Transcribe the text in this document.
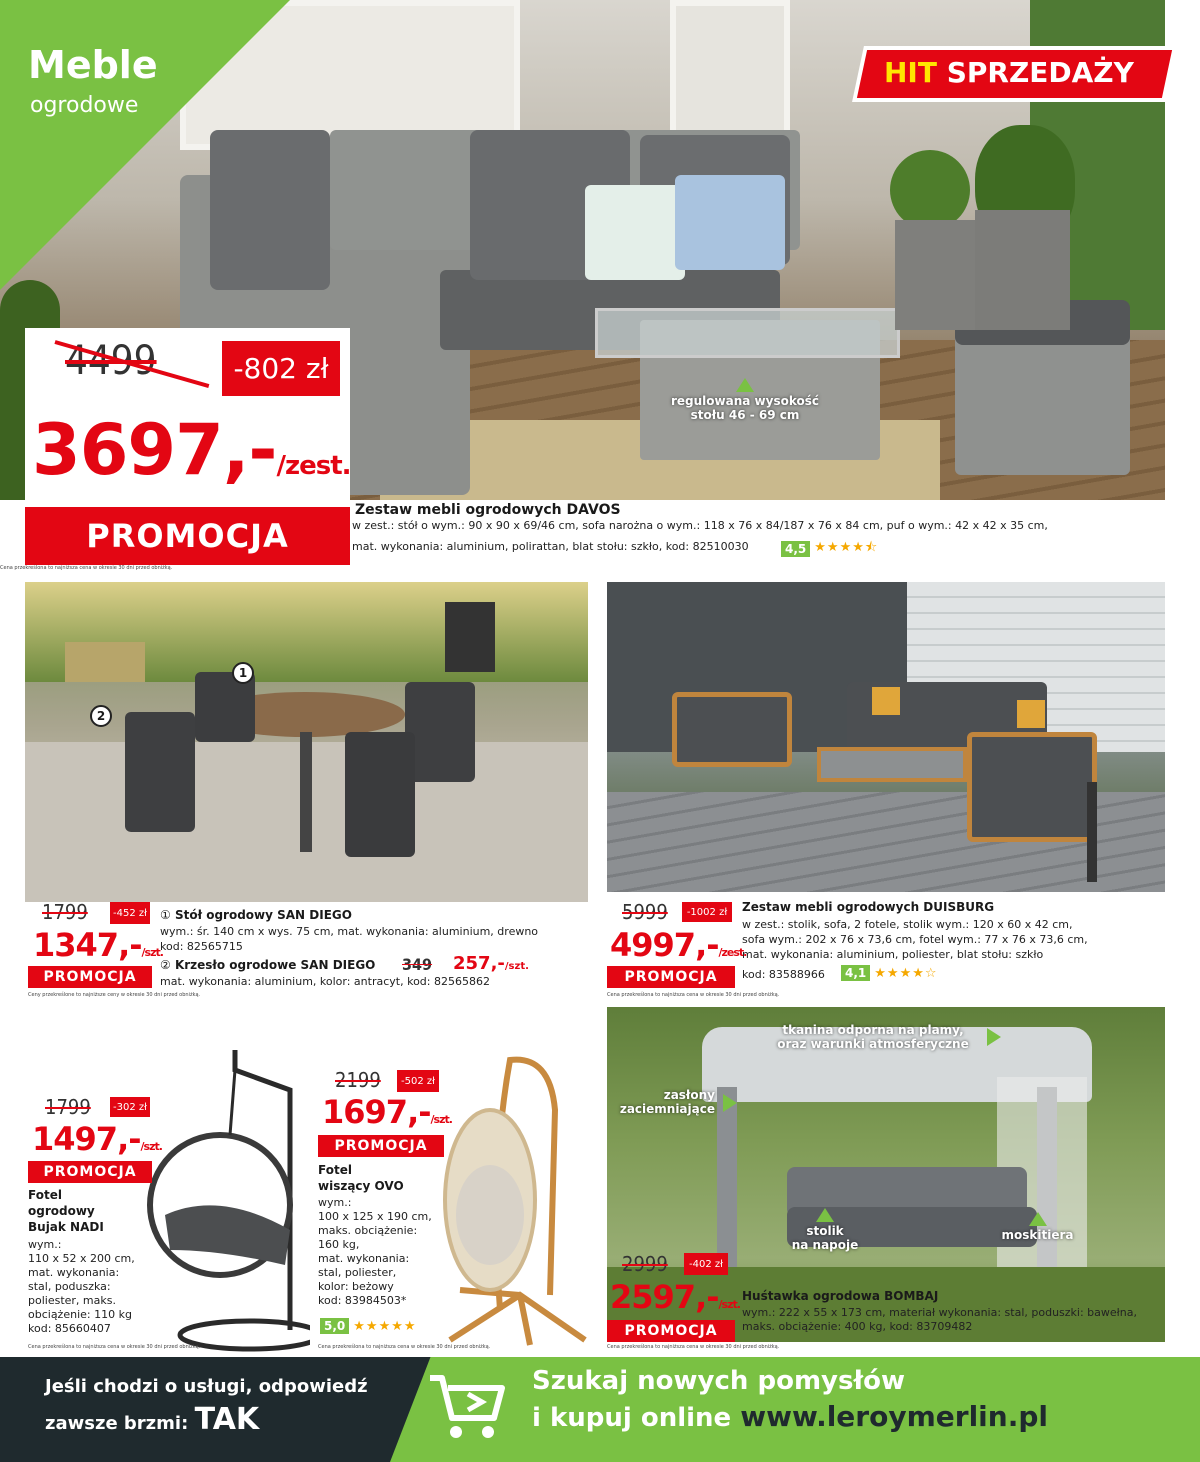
Meble
ogrodowe
HIT SPRZEDAŻY
4499	-802 zł
3697,-/zest.
PROMOCJA
Cena przekreślona to najniższa cena w okresie 30 dni przed obniżką.
regulowana wysokość stołu 46 - 69 cm
Zestaw mebli ogrodowych DAVOS
w zest.: stół o wym.: 90 x 90 x 69/46 cm, sofa narożna o wym.: 118 x 76 x 84/187 x 76 x 84 cm, puf o wym.: 42 x 42 x 35 cm,
mat. wykonania: aluminium, polirattan, blat stołu: szkło, kod: 82510030	4,5 ★★★★⯪
1
2
1799	-452 zł
1347,-/szt.
PROMOCJA
Ceny przekreślone to najniższe ceny w okresie 30 dni przed obniżką.
① Stół ogrodowy SAN DIEGO
wym.: śr. 140 cm x wys. 75 cm, mat. wykonania: aluminium, drewno
kod: 82565715
② Krzesło ogrodowe SAN DIEGO 349 257,-/szt.
mat. wykonania: aluminium, kolor: antracyt, kod: 82565862
5999	-1002 zł
4997,-/zest.
PROMOCJA
Cena przekreślona to najniższa cena w okresie 30 dni przed obniżką.
Zestaw mebli ogrodowych DUISBURG
w zest.: stolik, sofa, 2 fotele, stolik wym.: 120 x 60 x 42 cm,
sofa wym.: 202 x 76 x 73,6 cm, fotel wym.: 77 x 76 x 73,6 cm,
mat. wykonania: aluminium, poliester, blat stołu: szkło
kod: 83588966	4,1 ★★★★☆
1799	-302 zł
1497,-/szt.
PROMOCJA
Fotel
ogrodowy
Bujak NADI
wym.:
110 x 52 x 200 cm,
mat. wykonania:
stal, poduszka:
poliester, maks.
obciążenie: 110 kg
kod: 85660407
Cena przekreślona to najniższa cena w okresie 30 dni przed obniżką.
2199	-502 zł
1697,-/szt.
PROMOCJA
Fotel
wiszący OVO
wym.:
100 x 125 x 190 cm,
maks. obciążenie:
160 kg,
mat. wykonania:
stal, poliester,
kolor: beżowy
kod: 83984503*
5,0 ★★★★★
Cena przekreślona to najniższa cena w okresie 30 dni przed obniżką.
tkanina odporna na plamy,
oraz warunki atmosferyczne
zasłony
zaciemniające
stolik
na napoje
moskitiera
2999	-402 zł
2597,-/szt.
PROMOCJA
Huśtawka ogrodowa BOMBAJ
wym.: 222 x 55 x 173 cm, materiał wykonania: stal, poduszki: bawełna,
maks. obciążenie: 400 kg, kod: 83709482
Cena przekreślona to najniższa cena w okresie 30 dni przed obniżką.
Jeśli chodzi o usługi, odpowiedź
zawsze brzmi: TAK
Szukaj nowych pomysłów
i kupuj online www.leroymerlin.pl
